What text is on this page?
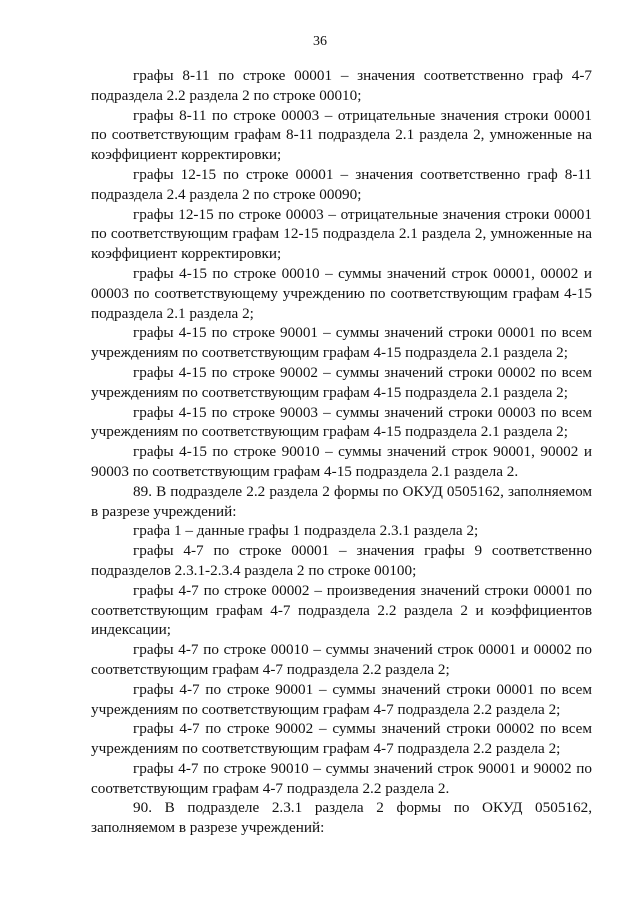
36

графы 8-11 по строке 00001 – значения соответственно граф 4-7 подраздела 2.2 раздела 2 по строке 00010;

графы 8-11 по строке 00003 – отрицательные значения строки 00001 по соответствующим графам 8-11 подраздела 2.1 раздела 2, умноженные на коэффициент корректировки;

графы 12-15 по строке 00001 – значения соответственно граф 8-11 подраздела 2.4 раздела 2 по строке 00090;

графы 12-15 по строке 00003 – отрицательные значения строки 00001 по соответствующим графам 12-15 подраздела 2.1 раздела 2, умноженные на коэффициент корректировки;

графы 4-15 по строке 00010 – суммы значений строк 00001, 00002 и 00003 по соответствующему учреждению по соответствующим графам 4-15 подраздела 2.1 раздела 2;

графы 4-15 по строке 90001 – суммы значений строки 00001 по всем учреждениям по соответствующим графам 4-15 подраздела 2.1 раздела 2;

графы 4-15 по строке 90002 – суммы значений строки 00002 по всем учреждениям по соответствующим графам 4-15 подраздела 2.1 раздела 2;

графы 4-15 по строке 90003 – суммы значений строки 00003 по всем учреждениям по соответствующим графам 4-15 подраздела 2.1 раздела 2;

графы 4-15 по строке 90010 – суммы значений строк 90001, 90002 и 90003 по соответствующим графам 4-15 подраздела 2.1 раздела 2.

89. В подразделе 2.2 раздела 2 формы по ОКУД 0505162, заполняемом в разрезе учреждений:

графа 1 – данные графы 1 подраздела 2.3.1 раздела 2;

графы 4-7 по строке 00001 – значения графы 9 соответственно подразделов 2.3.1-2.3.4 раздела 2 по строке 00100;

графы 4-7 по строке 00002 – произведения значений строки 00001 по соответствующим графам 4-7 подраздела 2.2 раздела 2 и коэффициентов индексации;

графы 4-7 по строке 00010 – суммы значений строк 00001 и 00002 по соответствующим графам 4-7 подраздела 2.2 раздела 2;

графы 4-7 по строке 90001 – суммы значений строки 00001 по всем учреждениям по соответствующим графам 4-7 подраздела 2.2 раздела 2;

графы 4-7 по строке 90002 – суммы значений строки 00002 по всем учреждениям по соответствующим графам 4-7 подраздела 2.2 раздела 2;

графы 4-7 по строке 90010 – суммы значений строк 90001 и 90002 по соответствующим графам 4-7 подраздела 2.2 раздела 2.

90. В подразделе 2.3.1 раздела 2 формы по ОКУД 0505162, заполняемом в разрезе учреждений:
